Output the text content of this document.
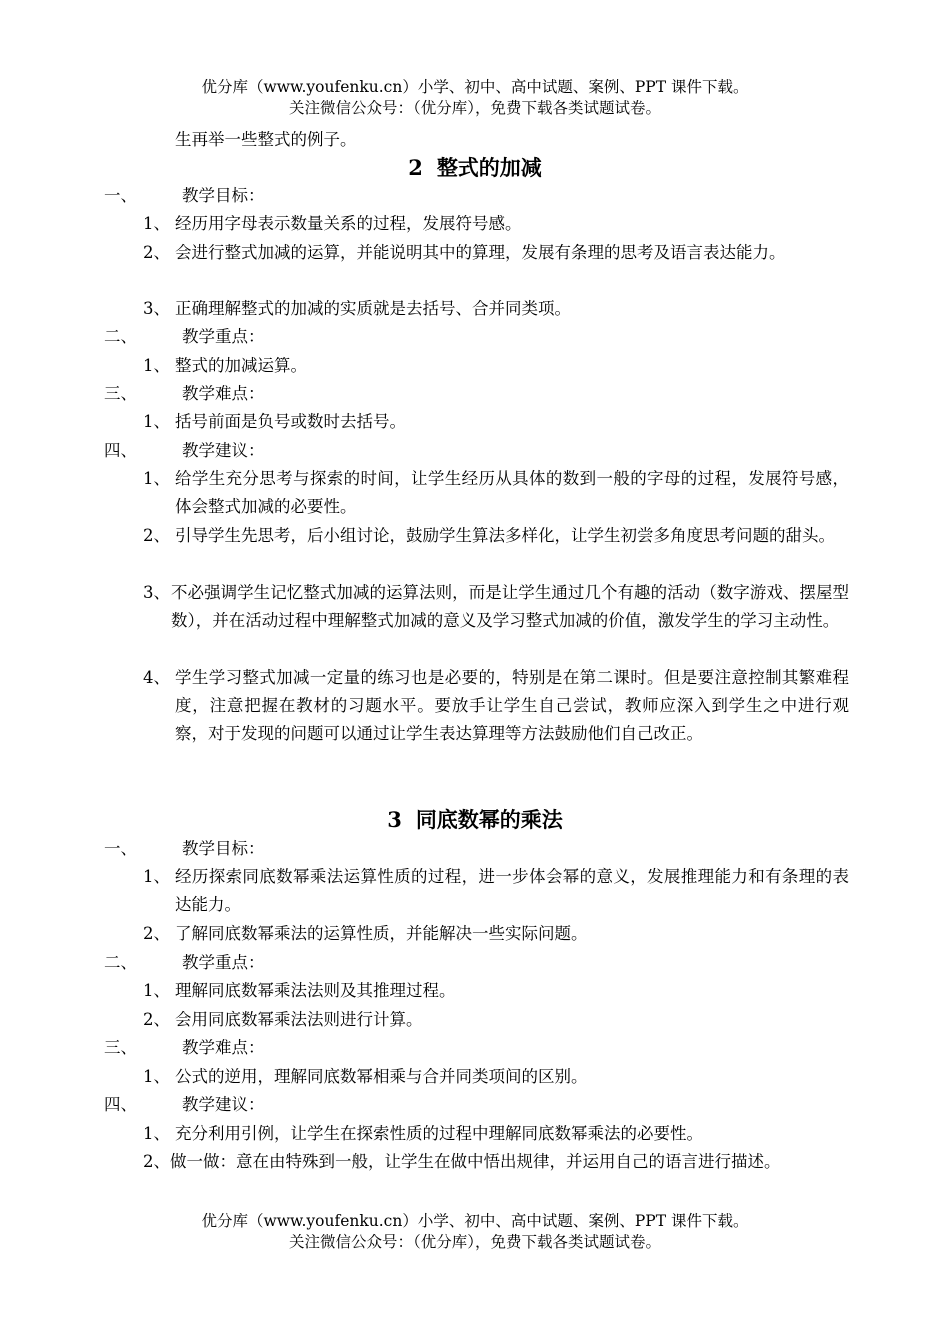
优分库（www.youfenku.cn）小学、初中、高中试题、案例、PPT 课件下载。
关注微信公众号：（优分库），免费下载各类试题试卷。
生再举一些整式的例子。
2 整式的加减
一、	教学目标：
1、 经历用字母表示数量关系的过程，发展符号感。
2、 会进行整式加减的运算，并能说明其中的算理，发展有条理的思考及语言表达能力。
3、 正确理解整式的加减的实质就是去括号、合并同类项。
二、	教学重点：
1、 整式的加减运算。
三、	教学难点：
1、 括号前面是负号或数时去括号。
四、	教学建议：
1、 给学生充分思考与探索的时间，让学生经历从具体的数到一般的字母的过程，发展符号感，体会整式加减的必要性。
2、 引导学生先思考，后小组讨论，鼓励学生算法多样化，让学生初尝多角度思考问题的甜头。
3、 不必强调学生记忆整式加减的运算法则，而是让学生通过几个有趣的活动（数字游戏、摆屋型数），并在活动过程中理解整式加减的意义及学习整式加减的价值，激发学生的学习主动性。
4、 学生学习整式加减一定量的练习也是必要的，特别是在第二课时。但是要注意控制其繁难程度，注意把握在教材的习题水平。要放手让学生自己尝试，教师应深入到学生之中进行观察，对于发现的问题可以通过让学生表达算理等方法鼓励他们自己改正。
3 同底数幂的乘法
一、	教学目标：
1、 经历探索同底数幂乘法运算性质的过程，进一步体会幂的意义，发展推理能力和有条理的表达能力。
2、 了解同底数幂乘法的运算性质，并能解决一些实际问题。
二、	教学重点：
1、 理解同底数幂乘法法则及其推理过程。
2、 会用同底数幂乘法法则进行计算。
三、	教学难点：
1、 公式的逆用，理解同底数幂相乘与合并同类项间的区别。
四、	教学建议：
1、 充分利用引例，让学生在探索性质的过程中理解同底数幂乘法的必要性。
2、做一做：意在由特殊到一般，让学生在做中悟出规律，并运用自己的语言进行描述。
优分库（www.youfenku.cn）小学、初中、高中试题、案例、PPT 课件下载。
关注微信公众号：（优分库），免费下载各类试题试卷。
